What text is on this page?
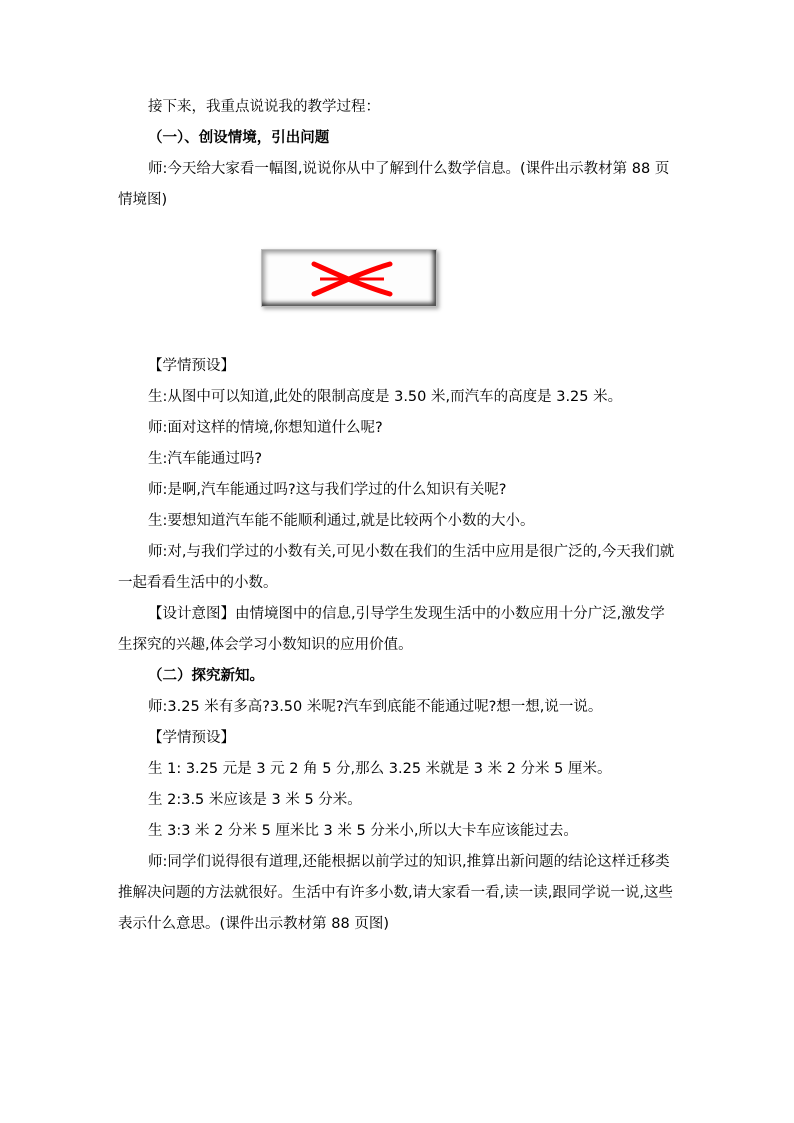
接下来，我重点说说我的教学过程：

（一）、创设情境，引出问题

师:今天给大家看一幅图,说说你从中了解到什么数学信息。(课件出示教材第 88 页情境图)

【学情预设】

生:从图中可以知道,此处的限制高度是 3.50 米,而汽车的高度是 3.25 米。

师:面对这样的情境,你想知道什么呢?

生:汽车能通过吗?

师:是啊,汽车能通过吗?这与我们学过的什么知识有关呢?

生:要想知道汽车能不能顺利通过,就是比较两个小数的大小。

师:对,与我们学过的小数有关,可见小数在我们的生活中应用是很广泛的,今天我们就一起看看生活中的小数。

【设计意图】由情境图中的信息,引导学生发现生活中的小数应用十分广泛,激发学生探究的兴趣,体会学习小数知识的应用价值。

（二）探究新知。

师:3.25 米有多高?3.50 米呢?汽车到底能不能通过呢?想一想,说一说。

【学情预设】

生 1: 3.25 元是 3 元 2 角 5 分,那么 3.25 米就是 3 米 2 分米 5 厘米。

生 2:3.5 米应该是 3 米 5 分米。

生 3:3 米 2 分米 5 厘米比 3 米 5 分米小,所以大卡车应该能过去。

师:同学们说得很有道理,还能根据以前学过的知识,推算出新问题的结论这样迁移类推解决问题的方法就很好。生活中有许多小数,请大家看一看,读一读,跟同学说一说,这些表示什么意思。(课件出示教材第 88 页图)
